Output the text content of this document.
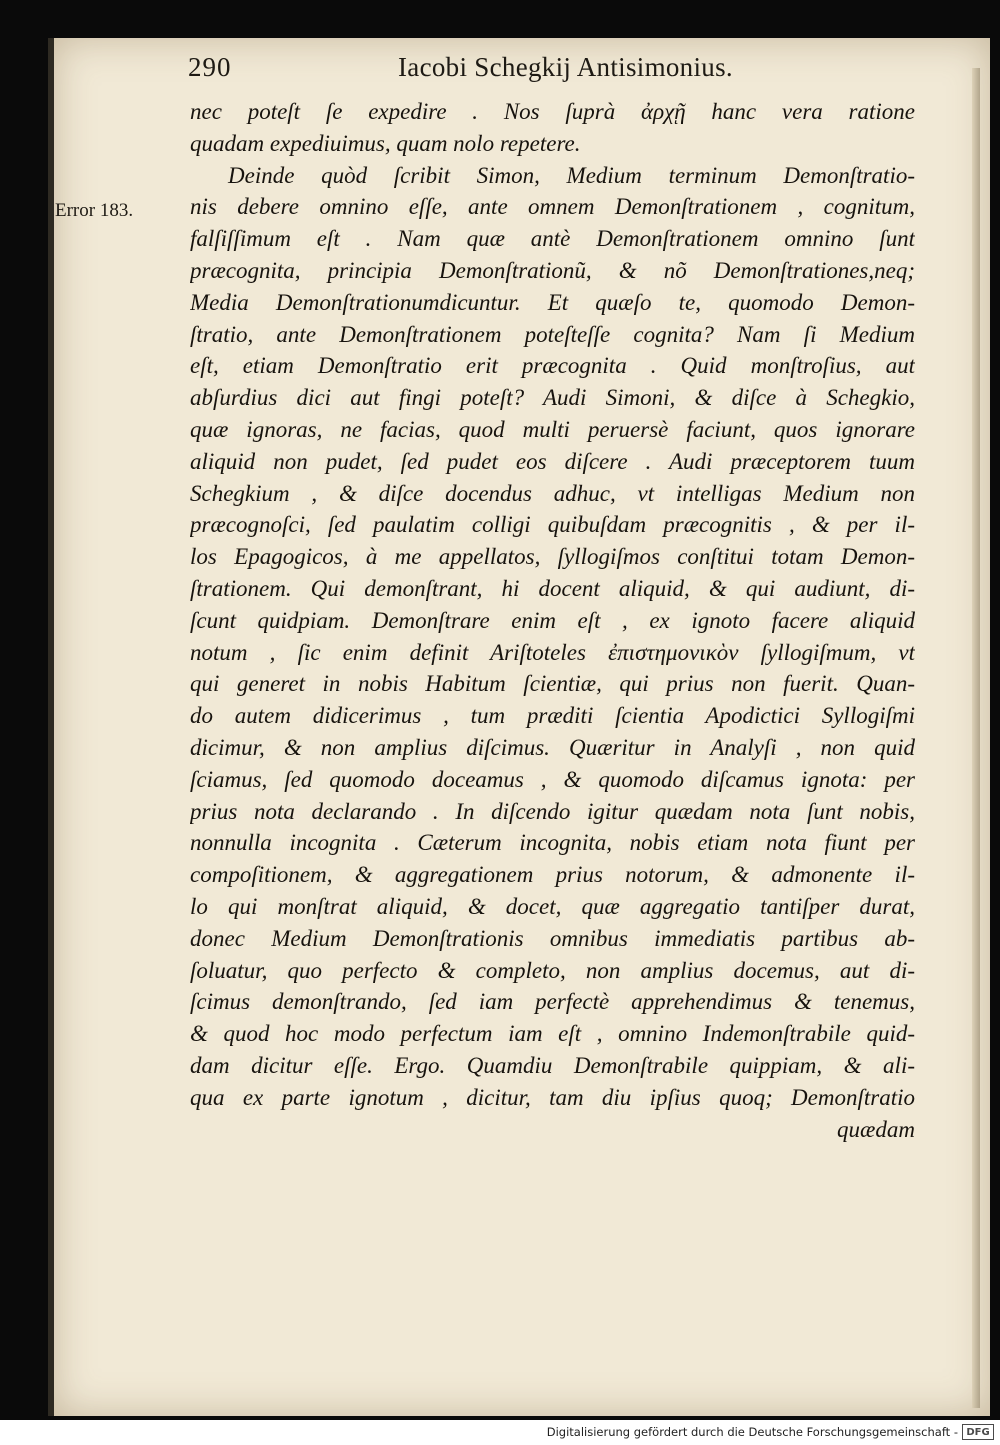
290	Iacobi Schegkij Antisimonius.
Error 183.
nec poteſt ſe expedire . Nos ſuprà ἀρχῇ hanc vera ratione
quadam expediuimus, quam nolo repetere.
Deinde quòd ſcribit Simon, Medium terminum Demonſtratio-
nis debere omnino eſſe, ante omnem Demonſtrationem , cognitum,
falſiſſimum eſt . Nam quæ antè Demonſtrationem omnino ſunt
præcognita, principia Demonſtrationũ, & nõ Demonſtrationes,neq;
Media Demonſtrationumdicuntur. Et quæſo te, quomodo Demon-
ſtratio, ante Demonſtrationem poteſteſſe cognita? Nam ſi Medium
eſt, etiam Demonſtratio erit præcognita . Quid monſtroſius, aut
abſurdius dici aut fingi poteſt? Audi Simoni, & diſce à Schegkio,
quæ ignoras, ne facias, quod multi peruersè faciunt, quos ignorare
aliquid non pudet, ſed pudet eos diſcere . Audi præceptorem tuum
Schegkium , & diſce docendus adhuc, vt intelligas Medium non
præcognoſci, ſed paulatim colligi quibuſdam præcognitis , & per il-
los Epagogicos, à me appellatos, ſyllogiſmos conſtitui totam Demon-
ſtrationem. Qui demonſtrant, hi docent aliquid, & qui audiunt, di-
ſcunt quidpiam. Demonſtrare enim eſt , ex ignoto facere aliquid
notum , ſic enim definit Ariſtoteles ἐπιστημονικὸν ſyllogiſmum, vt
qui generet in nobis Habitum ſcientiæ, qui prius non fuerit. Quan-
do autem didicerimus , tum præditi ſcientia Apodictici Syllogiſmi
dicimur, & non amplius diſcimus. Quæritur in Analyſi , non quid
ſciamus, ſed quomodo doceamus , & quomodo diſcamus ignota: per
prius nota declarando . In diſcendo igitur quædam nota ſunt nobis,
nonnulla incognita . Cæterum incognita, nobis etiam nota fiunt per
compoſitionem, & aggregationem prius notorum, & admonente il-
lo qui monſtrat aliquid, & docet, quæ aggregatio tantiſper durat,
donec Medium Demonſtrationis omnibus immediatis partibus ab-
ſoluatur, quo perfecto & completo, non amplius docemus, aut di-
ſcimus demonſtrando, ſed iam perfectè apprehendimus & tenemus,
& quod hoc modo perfectum iam eſt , omnino Indemonſtrabile quid-
dam dicitur eſſe. Ergo. Quamdiu Demonſtrabile quippiam, & ali-
qua ex parte ignotum , dicitur, tam diu ipſius quoq; Demonſtratio
quædam
Digitalisierung gefördert durch die Deutsche Forschungsgemeinschaft - DFG
